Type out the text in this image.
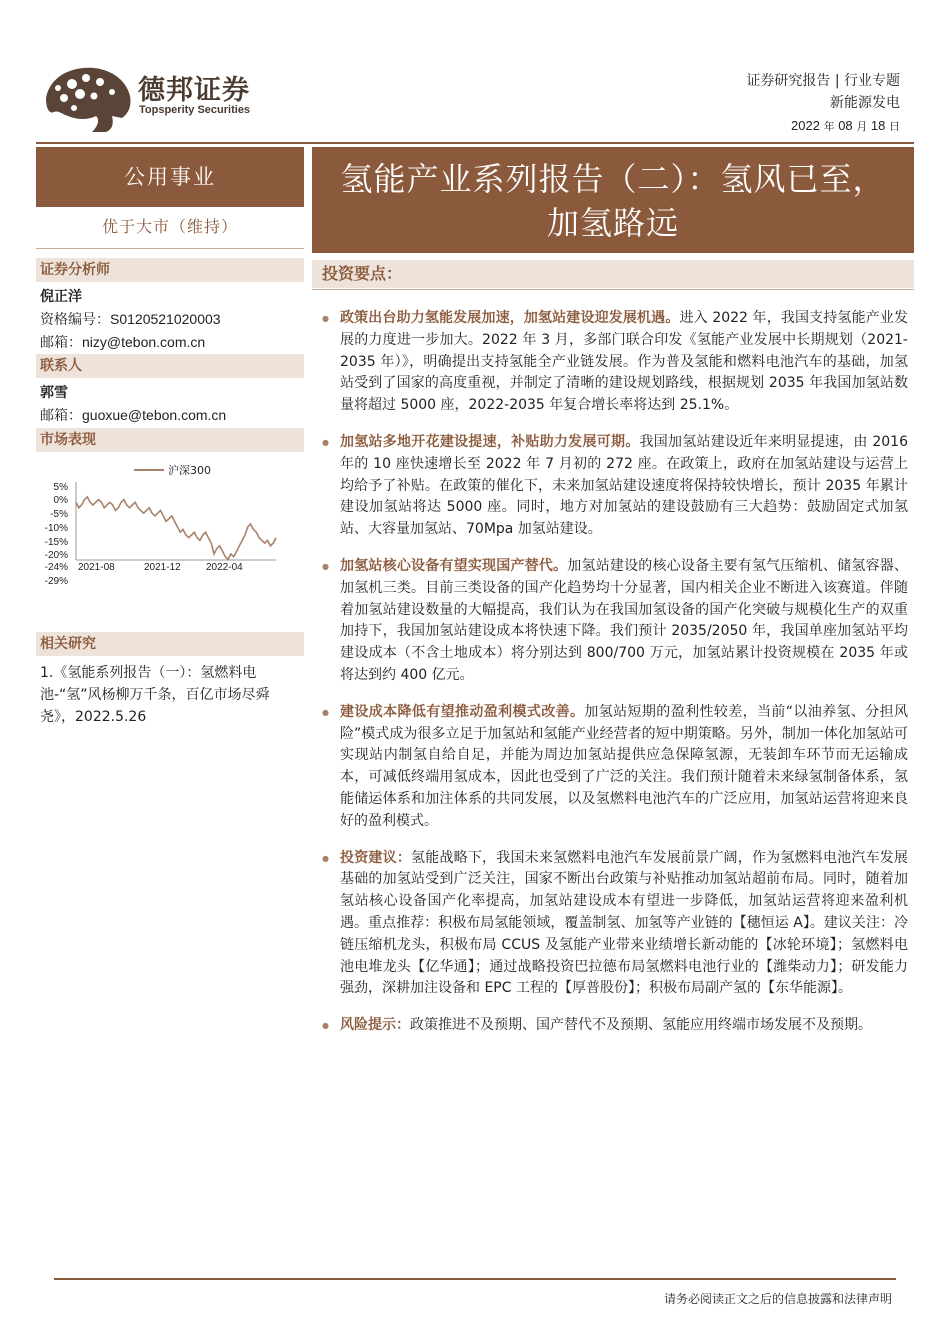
德邦证券
Topsperity Securities
证券研究报告 | 行业专题
新能源发电
2022 年 08 月 18 日
公用事业
优于大市（维持）
证券分析师
倪正洋
资格编号：S0120521020003
邮箱：nizy@tebon.com.cn
联系人
郭雪
邮箱：guoxue@tebon.com.cn
市场表现
沪深300
5%
0%
-5%
-10%
-15%
-20%
-24%
-29%
2021-08	2021-12	2022-04
相关研究
1.《氢能系列报告（一）：氢燃料电池-“氢”风杨柳万千条，百亿市场尽舜尧》，2022.5.26
氢能产业系列报告（二）：氢风已至，加氢路远
投资要点：
● 政策出台助力氢能发展加速，加氢站建设迎发展机遇。进入 2022 年，我国支持氢能产业发展的力度进一步加大。2022 年 3 月，多部门联合印发《氢能产业发展中长期规划（2021-2035 年）》，明确提出支持氢能全产业链发展。作为普及氢能和燃料电池汽车的基础，加氢站受到了国家的高度重视，并制定了清晰的建设规划路线，根据规划 2035 年我国加氢站数量将超过 5000 座，2022-2035 年复合增长率将达到 25.1%。
● 加氢站多地开花建设提速，补贴助力发展可期。我国加氢站建设近年来明显提速，由 2016 年的 10 座快速增长至 2022 年 7 月初的 272 座。在政策上，政府在加氢站建设与运营上均给予了补贴。在政策的催化下，未来加氢站建设速度将保持较快增长，预计 2035 年累计建设加氢站将达 5000 座。同时，地方对加氢站的建设鼓励有三大趋势：鼓励固定式加氢站、大容量加氢站、70Mpa 加氢站建设。
● 加氢站核心设备有望实现国产替代。加氢站建设的核心设备主要有氢气压缩机、储氢容器、加氢机三类。目前三类设备的国产化趋势均十分显著，国内相关企业不断进入该赛道。伴随着加氢站建设数量的大幅提高，我们认为在我国加氢设备的国产化突破与规模化生产的双重加持下，我国加氢站建设成本将快速下降。我们预计 2035/2050 年，我国单座加氢站平均建设成本（不含土地成本）将分别达到 800/700 万元，加氢站累计投资规模在 2035 年或将达到约 400 亿元。
● 建设成本降低有望推动盈利模式改善。加氢站短期的盈利性较差，当前“以油养氢、分担风险”模式成为很多立足于加氢站和氢能产业经营者的短中期策略。另外，制加一体化加氢站可实现站内制氢自给自足，并能为周边加氢站提供应急保障氢源，无装卸车环节而无运输成本，可减低终端用氢成本，因此也受到了广泛的关注。我们预计随着未来绿氢制备体系，氢能储运体系和加注体系的共同发展，以及氢燃料电池汽车的广泛应用，加氢站运营将迎来良好的盈利模式。
● 投资建议：氢能战略下，我国未来氢燃料电池汽车发展前景广阔，作为氢燃料电池汽车发展基础的加氢站受到广泛关注，国家不断出台政策与补贴推动加氢站超前布局。同时，随着加氢站核心设备国产化率提高，加氢站建设成本有望进一步降低，加氢站运营将迎来盈利机遇。重点推荐：积极布局氢能领域，覆盖制氢、加氢等产业链的【穗恒运 A】。建议关注：冷链压缩机龙头，积极布局 CCUS 及氢能产业带来业绩增长新动能的【冰轮环境】；氢燃料电池电堆龙头【亿华通】；通过战略投资巴拉德布局氢燃料电池行业的【潍柴动力】；研发能力强劲，深耕加注设备和 EPC 工程的【厚普股份】；积极布局副产氢的【东华能源】。
● 风险提示：政策推进不及预期、国产替代不及预期、氢能应用终端市场发展不及预期。
请务必阅读正文之后的信息披露和法律声明
